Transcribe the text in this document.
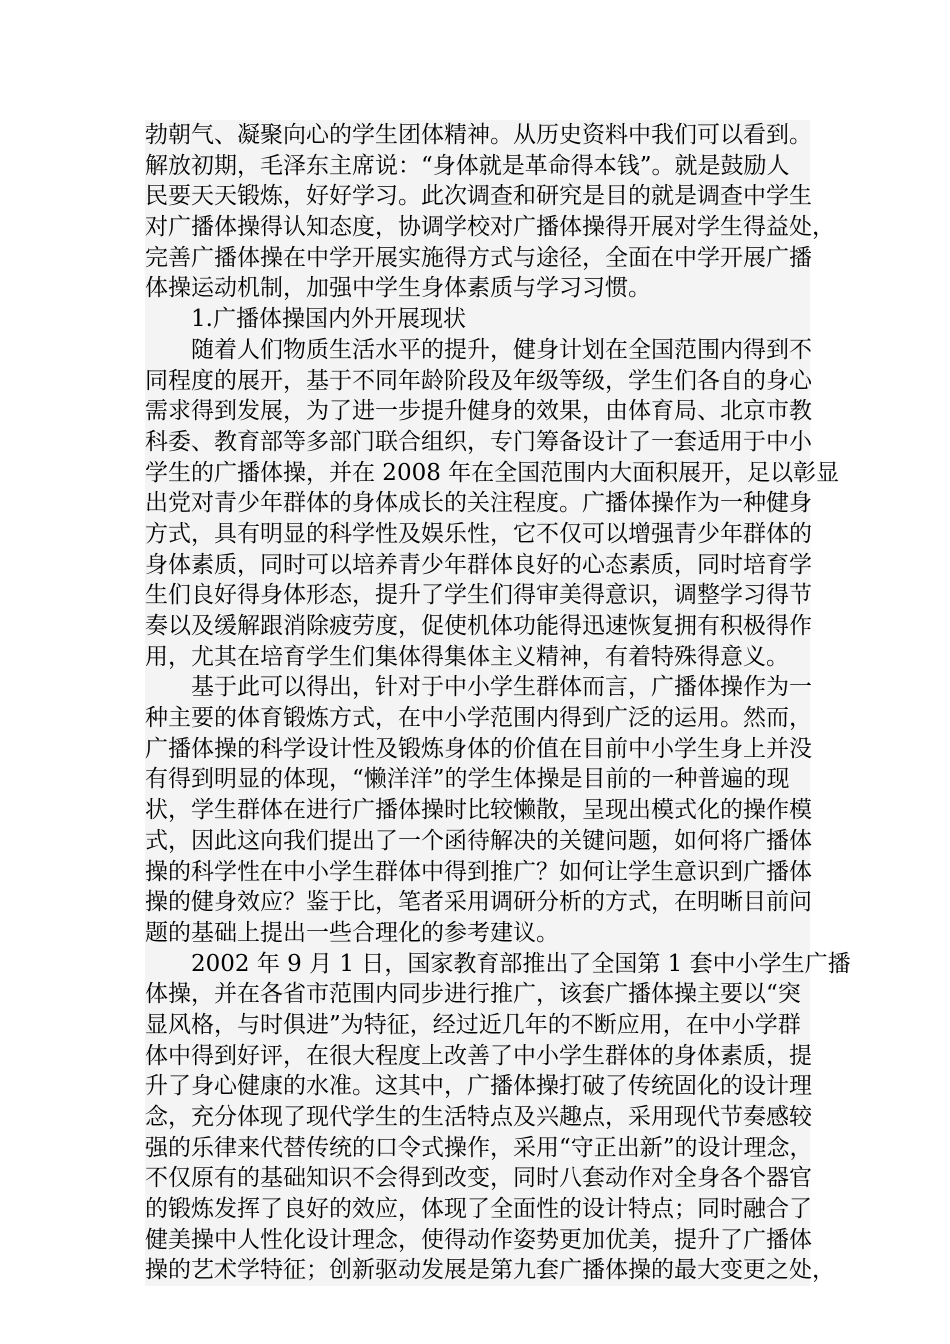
勃朝气、凝聚向心的学生团体精神。从历史资料中我们可以看到。
解放初期，毛泽东主席说：“身体就是革命得本钱”。就是鼓励人
民要天天锻炼，好好学习。此次调查和研究是目的就是调查中学生
对广播体操得认知态度，协调学校对广播体操得开展对学生得益处，
完善广播体操在中学开展实施得方式与途径，全面在中学开展广播
体操运动机制，加强中学生身体素质与学习习惯。
1.广播体操国内外开展现状
随着人们物质生活水平的提升，健身计划在全国范围内得到不
同程度的展开，基于不同年龄阶段及年级等级，学生们各自的身心
需求得到发展，为了进一步提升健身的效果，由体育局、北京市教
科委、教育部等多部门联合组织，专门筹备设计了一套适用于中小
学生的广播体操，并在 2008 年在全国范围内大面积展开，足以彰显
出党对青少年群体的身体成长的关注程度。广播体操作为一种健身
方式，具有明显的科学性及娱乐性，它不仅可以增强青少年群体的
身体素质，同时可以培养青少年群体良好的心态素质，同时培育学
生们良好得身体形态，提升了学生们得审美得意识，调整学习得节
奏以及缓解跟消除疲劳度，促使机体功能得迅速恢复拥有积极得作
用，尤其在培育学生们集体得集体主义精神，有着特殊得意义。
基于此可以得出，针对于中小学生群体而言，广播体操作为一
种主要的体育锻炼方式，在中小学范围内得到广泛的运用。然而，
广播体操的科学设计性及锻炼身体的价值在目前中小学生身上并没
有得到明显的体现，“懒洋洋”的学生体操是目前的一种普遍的现
状，学生群体在进行广播体操时比较懒散，呈现出模式化的操作模
式，因此这向我们提出了一个函待解决的关键问题，如何将广播体
操的科学性在中小学生群体中得到推广？如何让学生意识到广播体
操的健身效应？鉴于比，笔者采用调研分析的方式，在明晰目前问
题的基础上提出一些合理化的参考建议。
2002 年 9 月 1 日，国家教育部推出了全国第 1 套中小学生广播
体操，并在各省市范围内同步进行推广，该套广播体操主要以“突
显风格，与时俱进”为特征，经过近几年的不断应用，在中小学群
体中得到好评，在很大程度上改善了中小学生群体的身体素质，提
升了身心健康的水准。这其中，广播体操打破了传统固化的设计理
念，充分体现了现代学生的生活特点及兴趣点，采用现代节奏感较
强的乐律来代替传统的口令式操作，采用“守正出新”的设计理念，
不仅原有的基础知识不会得到改变，同时八套动作对全身各个器官
的锻炼发挥了良好的效应，体现了全面性的设计特点；同时融合了
健美操中人性化设计理念，使得动作姿势更加优美，提升了广播体
操的艺术学特征；创新驱动发展是第九套广播体操的最大变更之处，
